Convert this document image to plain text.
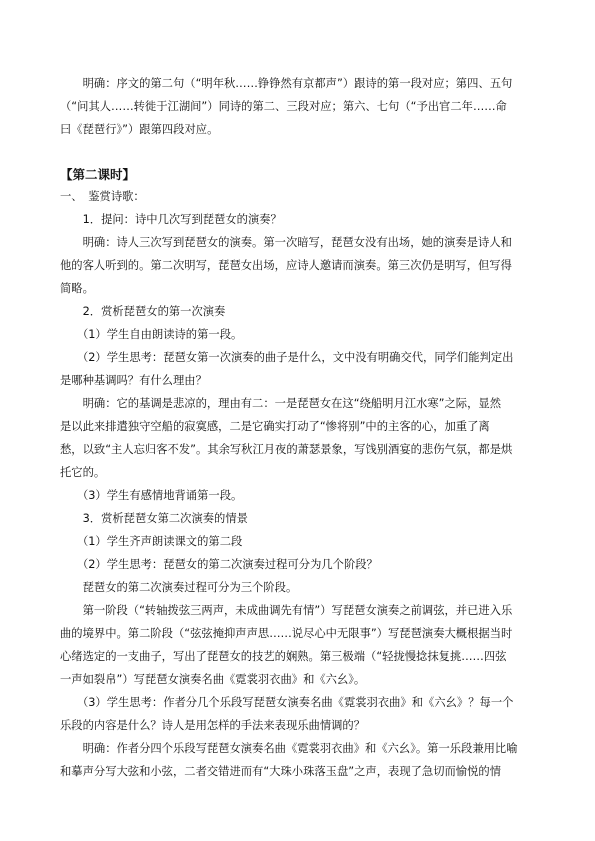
　　明确：序文的第二句（“明年秋……铮铮然有京都声”）跟诗的第一段对应；第四、五句
（“问其人……转徙于江湖间”）同诗的第二、三段对应；第六、七句（“予出官二年……命
曰《琵琶行》”）跟第四段对应。
【第二课时】
一、　鉴赏诗歌：
　　1．提问：诗中几次写到琵琶女的演奏？
　　明确：诗人三次写到琵琶女的演奏。第一次暗写，琵琶女没有出场，她的演奏是诗人和
他的客人听到的。第二次明写，琵琶女出场，应诗人邀请而演奏。第三次仍是明写，但写得
简略。
　　2．赏析琵琶女的第一次演奏
　　（1）学生自由朗读诗的第一段。
　　（2）学生思考：琵琶女第一次演奏的曲子是什么，文中没有明确交代，同学们能判定出
是哪种基调吗？有什么理由？
　　明确：它的基调是悲凉的，理由有二：一是琵琶女在这“绕船明月江水寒”之际，显然
是以此来排遣独守空船的寂寞感，二是它确实打动了“惨将别”中的主客的心，加重了离
愁，以致“主人忘归客不发”。其余写秋江月夜的萧瑟景象，写饯别酒宴的悲伤气氛，都是烘
托它的。
　　（3）学生有感情地背诵第一段。
　　3．赏析琵琶女第二次演奏的情景
　　（1）学生齐声朗读课文的第二段
　　（2）学生思考：琵琶女的第二次演奏过程可分为几个阶段？
　　琵琶女的第二次演奏过程可分为三个阶段。
　　第一阶段（“转轴拨弦三两声，未成曲调先有情”）写琵琶女演奏之前调弦，并已进入乐
曲的境界中。第二阶段（“弦弦掩抑声声思……说尽心中无限事”）写琵琶演奏大概根据当时
心绪选定的一支曲子，写出了琵琶女的技艺的娴熟。第三极端（“轻拢慢捻抹复挑……四弦
一声如裂帛”）写琵琶女演奏名曲《霓裳羽衣曲》和《六幺》。
　　（3）学生思考：作者分几个乐段写琵琶女演奏名曲《霓裳羽衣曲》和《六幺》？每一个
乐段的内容是什么？诗人是用怎样的手法来表现乐曲情调的？
　　明确：作者分四个乐段写琵琶女演奏名曲《霓裳羽衣曲》和《六幺》。第一乐段兼用比喻
和摹声分写大弦和小弦，二者交错进而有“大珠小珠落玉盘”之声，表现了急切而愉悦的情
